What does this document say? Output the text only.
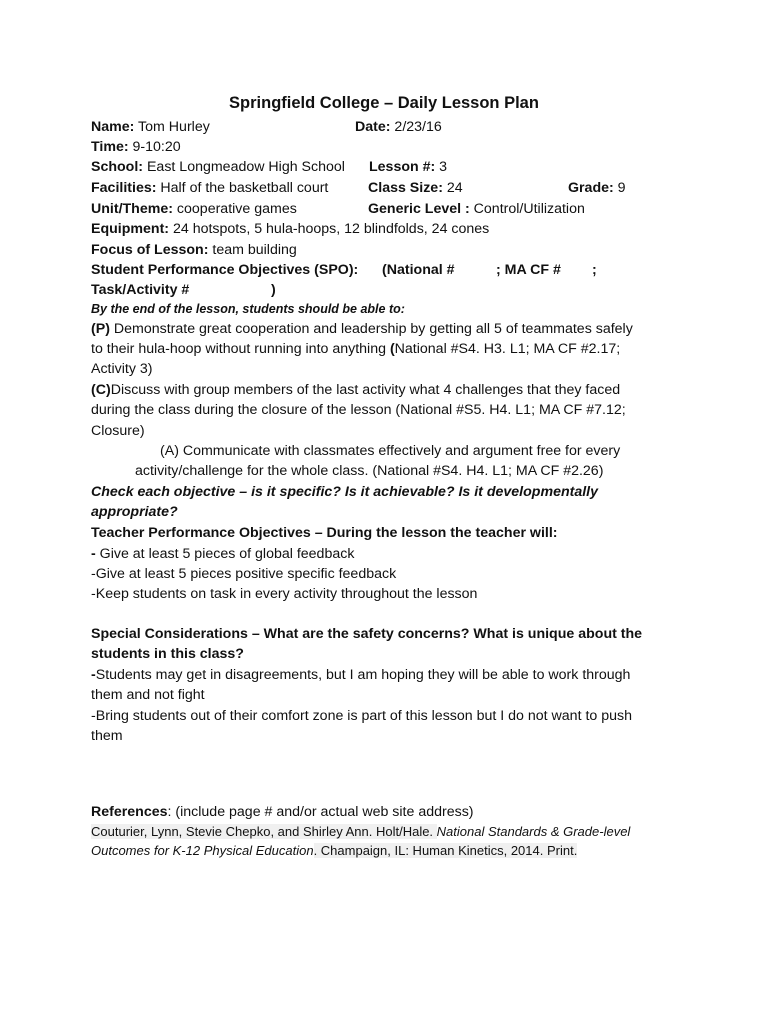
Springfield College – Daily Lesson Plan
Name: Tom Hurley	Date: 2/23/16
Time: 9-10:20
School: East Longmeadow High School Lesson #: 3
Facilities: Half of the basketball court	Class Size: 24	Grade: 9
Unit/Theme: cooperative games	Generic Level : Control/Utilization
Equipment: 24 hotspots, 5 hula-hoops, 12 blindfolds, 24 cones
Focus of Lesson: team building
Student Performance Objectives (SPO): (National #	; MA CF # ;
Task/Activity #	)
By the end of the lesson, students should be able to:
(P) Demonstrate great cooperation and leadership by getting all 5 of teammates safely
to their hula-hoop without running into anything (National #S4. H3. L1; MA CF #2.17;
Activity 3)
(C)Discuss with group members of the last activity what 4 challenges that they faced
during the class during the closure of the lesson (National #S5. H4. L1; MA CF #7.12;
Closure)
(A) Communicate with classmates effectively and argument free for every
activity/challenge for the whole class. (National #S4. H4. L1; MA CF #2.26)
Check each objective – is it specific? Is it achievable? Is it developmentally
appropriate?
Teacher Performance Objectives – During the lesson the teacher will:
- Give at least 5 pieces of global feedback
-Give at least 5 pieces positive specific feedback
-Keep students on task in every activity throughout the lesson
Special Considerations – What are the safety concerns? What is unique about the
students in this class?
-Students may get in disagreements, but I am hoping they will be able to work through
them and not fight
-Bring students out of their comfort zone is part of this lesson but I do not want to push
them
References: (include page # and/or actual web site address)
Couturier, Lynn, Stevie Chepko, and Shirley Ann. Holt/Hale. National Standards & Grade-level
Outcomes for K-12 Physical Education. Champaign, IL: Human Kinetics, 2014. Print.
